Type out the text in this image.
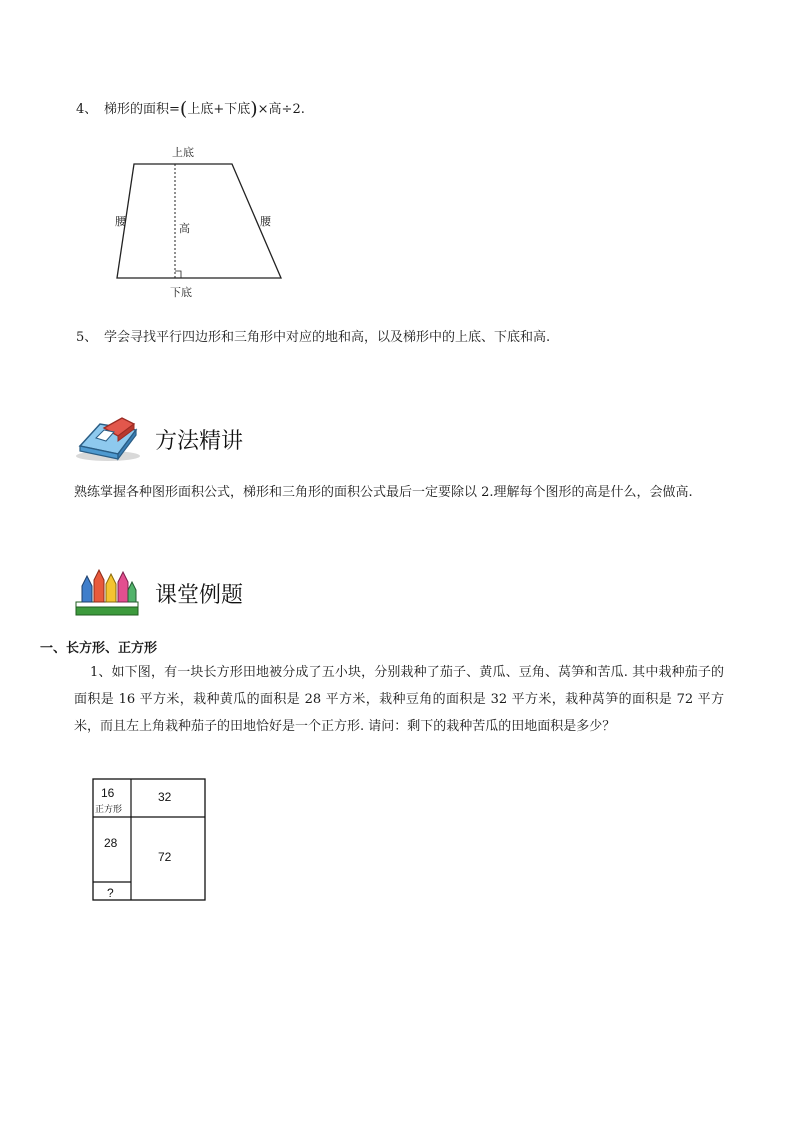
4、 梯形的面积=(上底+下底)×高÷2.
上底
下底
腰	腰
高
5、 学会寻找平行四边形和三角形中对应的地和高，以及梯形中的上底、下底和高.
方法精讲
熟练掌握各种图形面积公式，梯形和三角形的面积公式最后一定要除以 2.理解每个图形的高是什么，会做高.
课堂例题
一、长方形、正方形
1、如下图，有一块长方形田地被分成了五小块，分别栽种了茄子、黄瓜、豆角、莴笋和苦瓜. 其中栽种茄子的面积是 16 平方米，栽种黄瓜的面积是 28 平方米，栽种豆角的面积是 32 平方米，栽种莴笋的面积是 72 平方米，而且左上角栽种茄子的田地恰好是一个正方形. 请问：剩下的栽种苦瓜的田地面积是多少？
16
正方形
32
28
72
?
